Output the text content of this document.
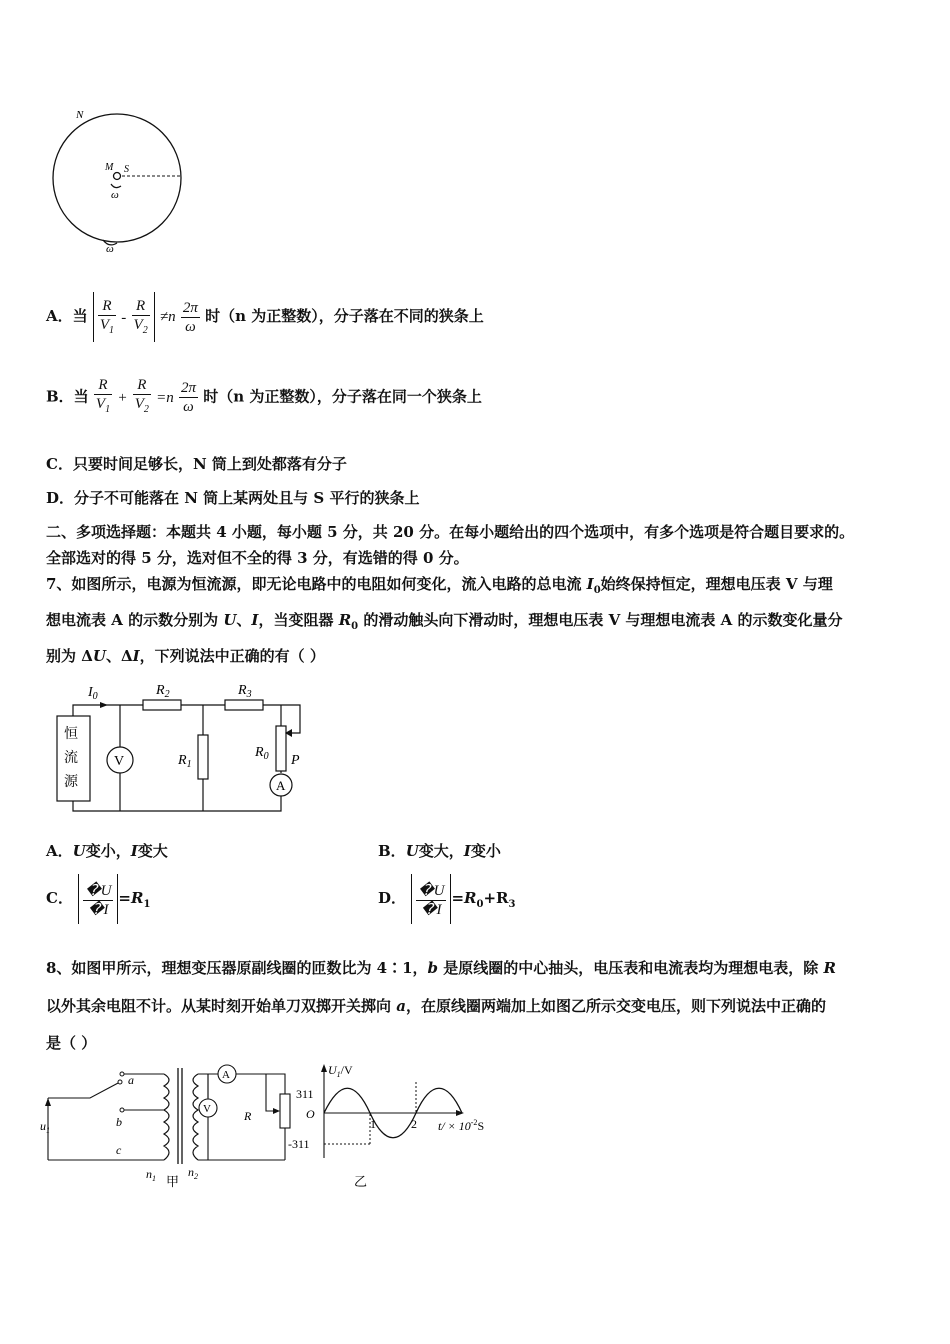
N
M S
ω
ω
A．当 $\frac{R}{V_1} - \frac{R}{V_2} \ne n \frac{2\pi}{\omega}$ 时（n 为正整数），分子落在不同的狭条上
B．当 $\frac{R}{V_1} + \frac{R}{V_2} =n \frac{2\pi}{\omega}$ 时（n 为正整数），分子落在同一个狭条上
C．只要时间足够长，N 筒上到处都落有分子
D．分子不可能落在 N 筒上某两处且与 S 平行的狭条上
二、多项选择题：本题共 4 小题，每小题 5 分，共 20 分。在每小题给出的四个选项中，有多个选项是符合题目要求的。
全部选对的得 5 分，选对但不全的得 3 分，有选错的得 0 分。
7、如图所示，电源为恒流源，即无论电路中的电阻如何变化，流入电路的总电流 $I_0$始终保持恒定，理想电压表 V 与理
想电流表 A 的示数分别为 U、I，当变阻器 $R_0$ 的滑动触头向下滑动时，理想电压表 V 与理想电流表 A 的示数变化量分
别为 ΔU、ΔI，下列说法中正确的有（ ）
恒
流
源
$I_0$	$R_2$	$R_3$
V	$R_1$
$R_0$ P
A
A．U变小，I变大	B．U变大，I变小
C． $\frac{�U}{�I} =R_1$	D． $\frac{�U}{�I} =R_0+R_3$
8、如图甲所示，理想变压器原副线圈的匝数比为 4∶1，b 是原线圈的中心抽头，电压表和电流表均为理想电表，除 R
以外其余电阻不计。从某时刻开始单刀双掷开关掷向 a，在原线圈两端加上如图乙所示交变电压，则下列说法中正确的
是（ ）
$u_1$
a
b
c
$n_1$	$n_2$
甲
A
V	R
$U_1/V$
311
-311
O
1	2 $t/ \times 10^{-2}S$
乙
